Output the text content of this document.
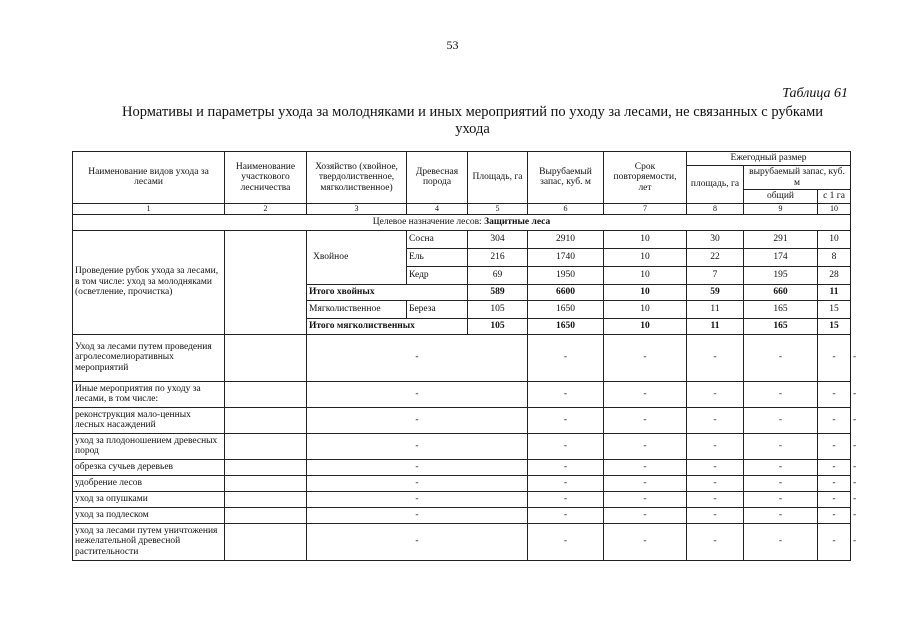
53
Таблица 61
Нормативы и параметры ухода за молодняками и иных мероприятий по уходу за лесами, не связанных с рубками
ухода
Наименование видов ухода за лесами	Наименование участкового лесничества	Хозяйство (хвойное, твердолиственное, мягколиственное)	Древесная порода	Площадь, га	Вырубаемый запас, куб. м	Срок повторяемости, лет	Ежегодный размер			
							площадь, га	вырубаемый запас, куб. м		
								общий	с 1 га	
1	2	3	4	5	6	7	8	9	10	
Целевое назначение лесов: Защитные леса										
Проведение рубок ухода за лесами, в том числе: уход за молодняками (осветление, прочистка)		Хвойное	Сосна	304	2910	10	30	291	10	
			Ель	216	1740	10	22	174	8	
			Кедр	69	1950	10	7	195	28	
		Итого хвойных		589	6600	10	59	660	11	
		Мягколиственное	Береза	105	1650	10	11	165	15	
		Итого мягколиственных		105	1650	10	11	165	15	
Уход за лесами путем проведения агролесомелиоративных мероприятий		-			-	-	-	-	-	-
Иные мероприятия по уходу за лесами, в том числе:		-			-	-	-	-	-	-
реконструкция мало-ценных лесных насаждений		-			-	-	-	-	-	-
уход за плодоношением древесных пород		-			-	-	-	-	-	-
обрезка сучьев деревьев		-			-	-	-	-	-	-
удобрение лесов		-			-	-	-	-	-	-
уход за опушками		-			-	-	-	-	-	-
уход за подлеском		-			-	-	-	-	-	-
уход за лесами путем уничтожения нежелательной древесной растительности		-			-	-	-	-	-	-
